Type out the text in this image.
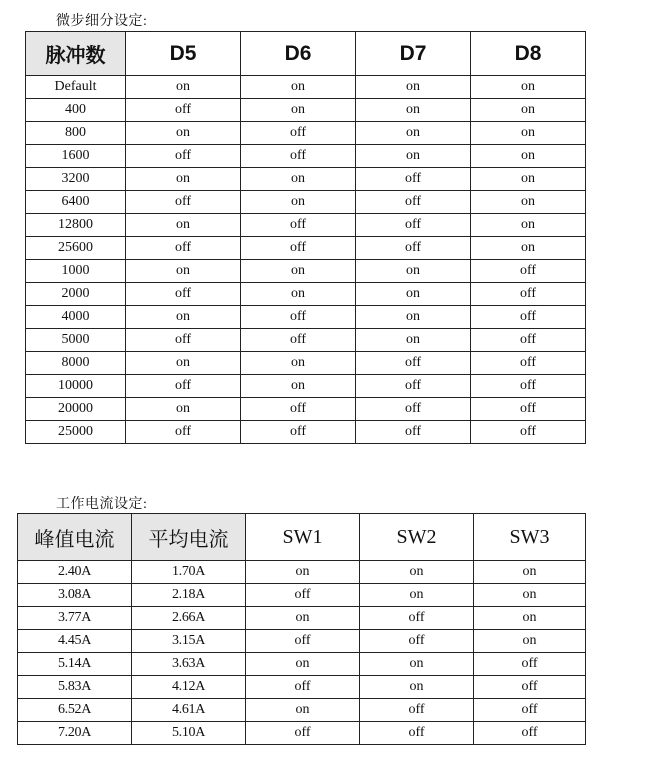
微步细分设定:
脉冲数	D5	D6	D7	D8
Default	on	on	on	on
400	off	on	on	on
800	on	off	on	on
1600	off	off	on	on
3200	on	on	off	on
6400	off	on	off	on
12800	on	off	off	on
25600	off	off	off	on
1000	on	on	on	off
2000	off	on	on	off
4000	on	off	on	off
5000	off	off	on	off
8000	on	on	off	off
10000	off	on	off	off
20000	on	off	off	off
25000	off	off	off	off
工作电流设定:
峰值电流	平均电流	SW1	SW2	SW3
2.40A	1.70A	on	on	on
3.08A	2.18A	off	on	on
3.77A	2.66A	on	off	on
4.45A	3.15A	off	off	on
5.14A	3.63A	on	on	off
5.83A	4.12A	off	on	off
6.52A	4.61A	on	off	off
7.20A	5.10A	off	off	off
